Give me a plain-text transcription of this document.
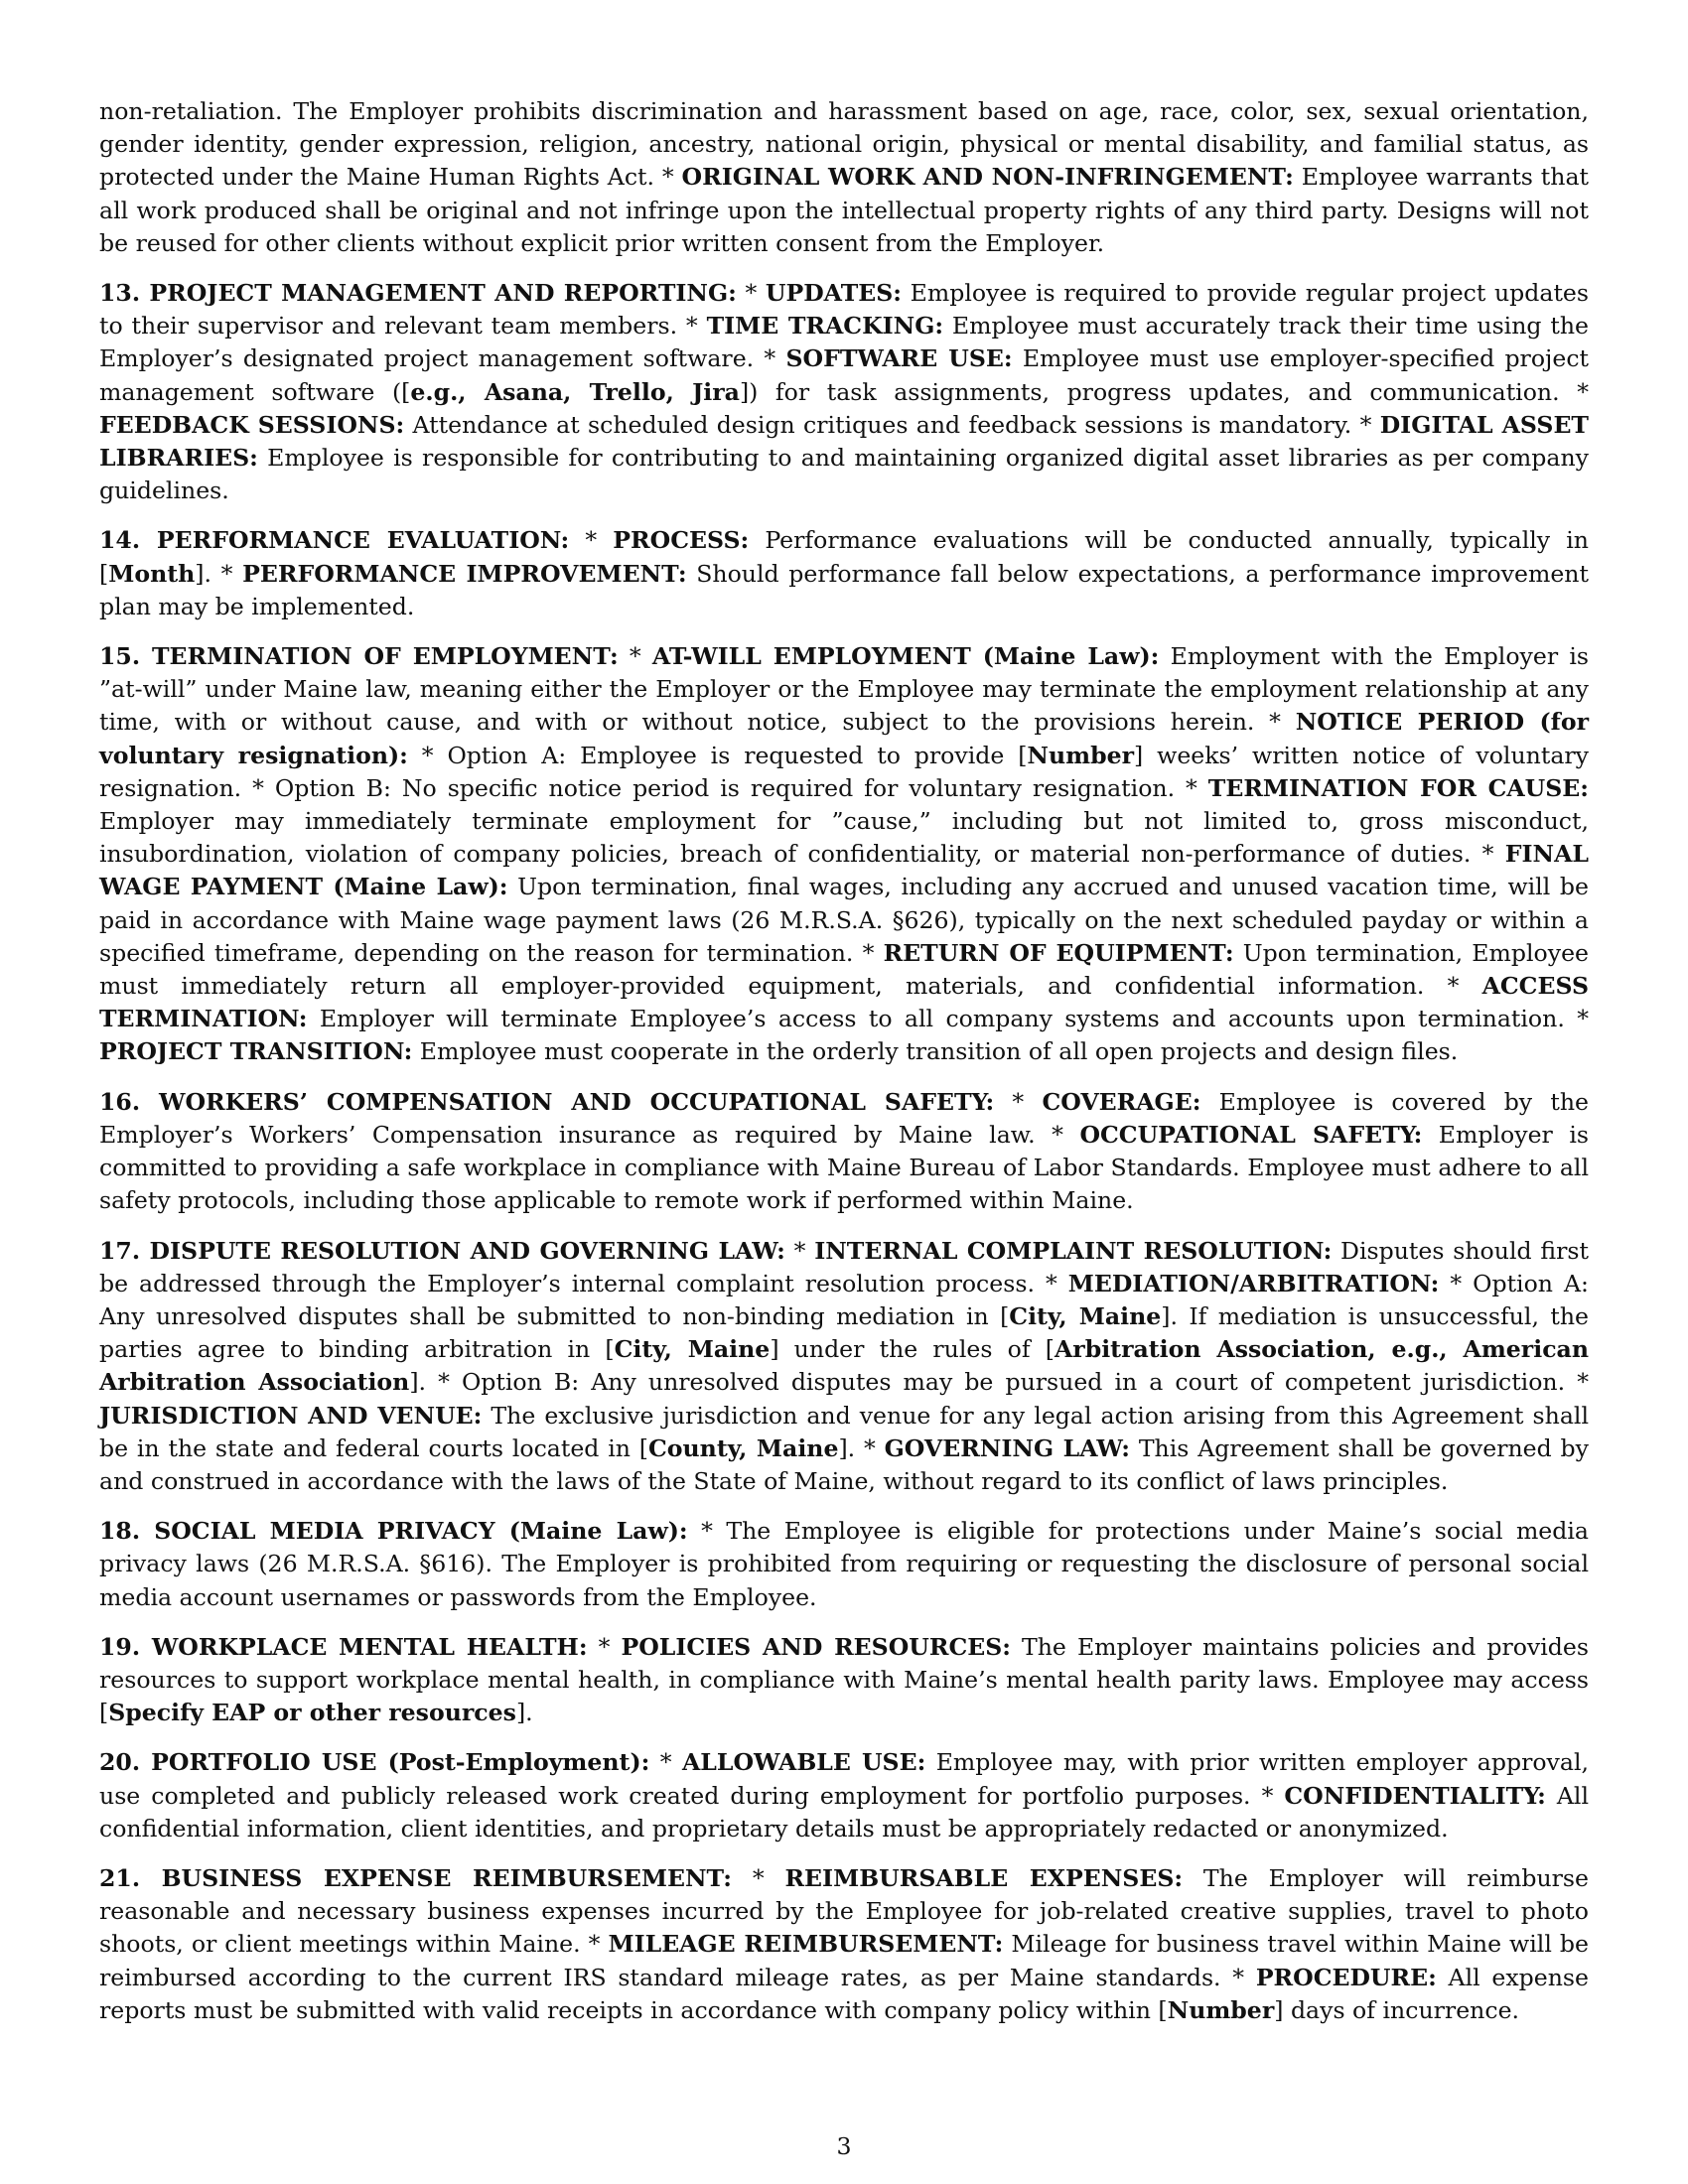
non-retaliation. The Employer prohibits discrimination and harassment based on age, race, color, sex, sexual orientation, gender identity, gender expression, religion, ancestry, national origin, physical or mental disability, and familial status, as protected under the Maine Human Rights Act. * ORIGINAL WORK AND NON-INFRINGEMENT: Employee warrants that all work produced shall be original and not infringe upon the intellectual property rights of any third party. Designs will not be reused for other clients without explicit prior written consent from the Employer.

13. PROJECT MANAGEMENT AND REPORTING: * UPDATES: Employee is required to provide regular project updates to their supervisor and relevant team members. * TIME TRACKING: Employee must accurately track their time using the Employer’s designated project management software. * SOFTWARE USE: Employee must use employer-specified project management software ([e.g., Asana, Trello, Jira]) for task assignments, progress updates, and communication. * FEEDBACK SESSIONS: Attendance at scheduled design critiques and feedback sessions is mandatory. * DIGITAL ASSET LIBRARIES: Employee is responsible for contributing to and maintaining organized digital asset libraries as per company guidelines.

14. PERFORMANCE EVALUATION: * PROCESS: Performance evaluations will be conducted annually, typically in [Month]. * PERFORMANCE IMPROVEMENT: Should performance fall below expectations, a performance improvement plan may be implemented.

15. TERMINATION OF EMPLOYMENT: * AT-WILL EMPLOYMENT (Maine Law): Employment with the Employer is ”at-will” under Maine law, meaning either the Employer or the Employee may terminate the employment relationship at any time, with or without cause, and with or without notice, subject to the provisions herein. * NOTICE PERIOD (for voluntary resignation): * Option A: Employee is requested to provide [Number] weeks’ written notice of voluntary resignation. * Option B: No specific notice period is required for voluntary resignation. * TERMINATION FOR CAUSE: Employer may immediately terminate employment for ”cause,” including but not limited to, gross misconduct, insubordination, violation of company policies, breach of confidentiality, or material non-performance of duties. * FINAL WAGE PAYMENT (Maine Law): Upon termination, final wages, including any accrued and unused vacation time, will be paid in accordance with Maine wage payment laws (26 M.R.S.A. §626), typically on the next scheduled payday or within a specified timeframe, depending on the reason for termination. * RETURN OF EQUIPMENT: Upon termination, Employee must immediately return all employer-provided equipment, materials, and confidential information. * ACCESS TERMINATION: Employer will terminate Employee’s access to all company systems and accounts upon termination. * PROJECT TRANSITION: Employee must cooperate in the orderly transition of all open projects and design files.

16. WORKERS’ COMPENSATION AND OCCUPATIONAL SAFETY: * COVERAGE: Employee is covered by the Employer’s Workers’ Compensation insurance as required by Maine law. * OCCUPATIONAL SAFETY: Employer is committed to providing a safe workplace in compliance with Maine Bureau of Labor Standards. Employee must adhere to all safety protocols, including those applicable to remote work if performed within Maine.

17. DISPUTE RESOLUTION AND GOVERNING LAW: * INTERNAL COMPLAINT RESOLUTION: Disputes should first be addressed through the Employer’s internal complaint resolution process. * MEDIATION/ARBITRATION: * Option A: Any unresolved disputes shall be submitted to non-binding mediation in [City, Maine]. If mediation is unsuccessful, the parties agree to binding arbitration in [City, Maine] under the rules of [Arbitration Association, e.g., American Arbitration Association]. * Option B: Any unresolved disputes may be pursued in a court of competent jurisdiction. * JURISDICTION AND VENUE: The exclusive jurisdiction and venue for any legal action arising from this Agreement shall be in the state and federal courts located in [County, Maine]. * GOVERNING LAW: This Agreement shall be governed by and construed in accordance with the laws of the State of Maine, without regard to its conflict of laws principles.

18. SOCIAL MEDIA PRIVACY (Maine Law): * The Employee is eligible for protections under Maine’s social media privacy laws (26 M.R.S.A. §616). The Employer is prohibited from requiring or requesting the disclosure of personal social media account usernames or passwords from the Employee.

19. WORKPLACE MENTAL HEALTH: * POLICIES AND RESOURCES: The Employer maintains policies and provides resources to support workplace mental health, in compliance with Maine’s mental health parity laws. Employee may access [Specify EAP or other resources].

20. PORTFOLIO USE (Post-Employment): * ALLOWABLE USE: Employee may, with prior written employer approval, use completed and publicly released work created during employment for portfolio purposes. * CONFIDENTIALITY: All confidential information, client identities, and proprietary details must be appropriately redacted or anonymized.

21. BUSINESS EXPENSE REIMBURSEMENT: * REIMBURSABLE EXPENSES: The Employer will reimburse reasonable and necessary business expenses incurred by the Employee for job-related creative supplies, travel to photo shoots, or client meetings within Maine. * MILEAGE REIMBURSEMENT: Mileage for business travel within Maine will be reimbursed according to the current IRS standard mileage rates, as per Maine standards. * PROCEDURE: All expense reports must be submitted with valid receipts in accordance with company policy within [Number] days of incurrence.

3
